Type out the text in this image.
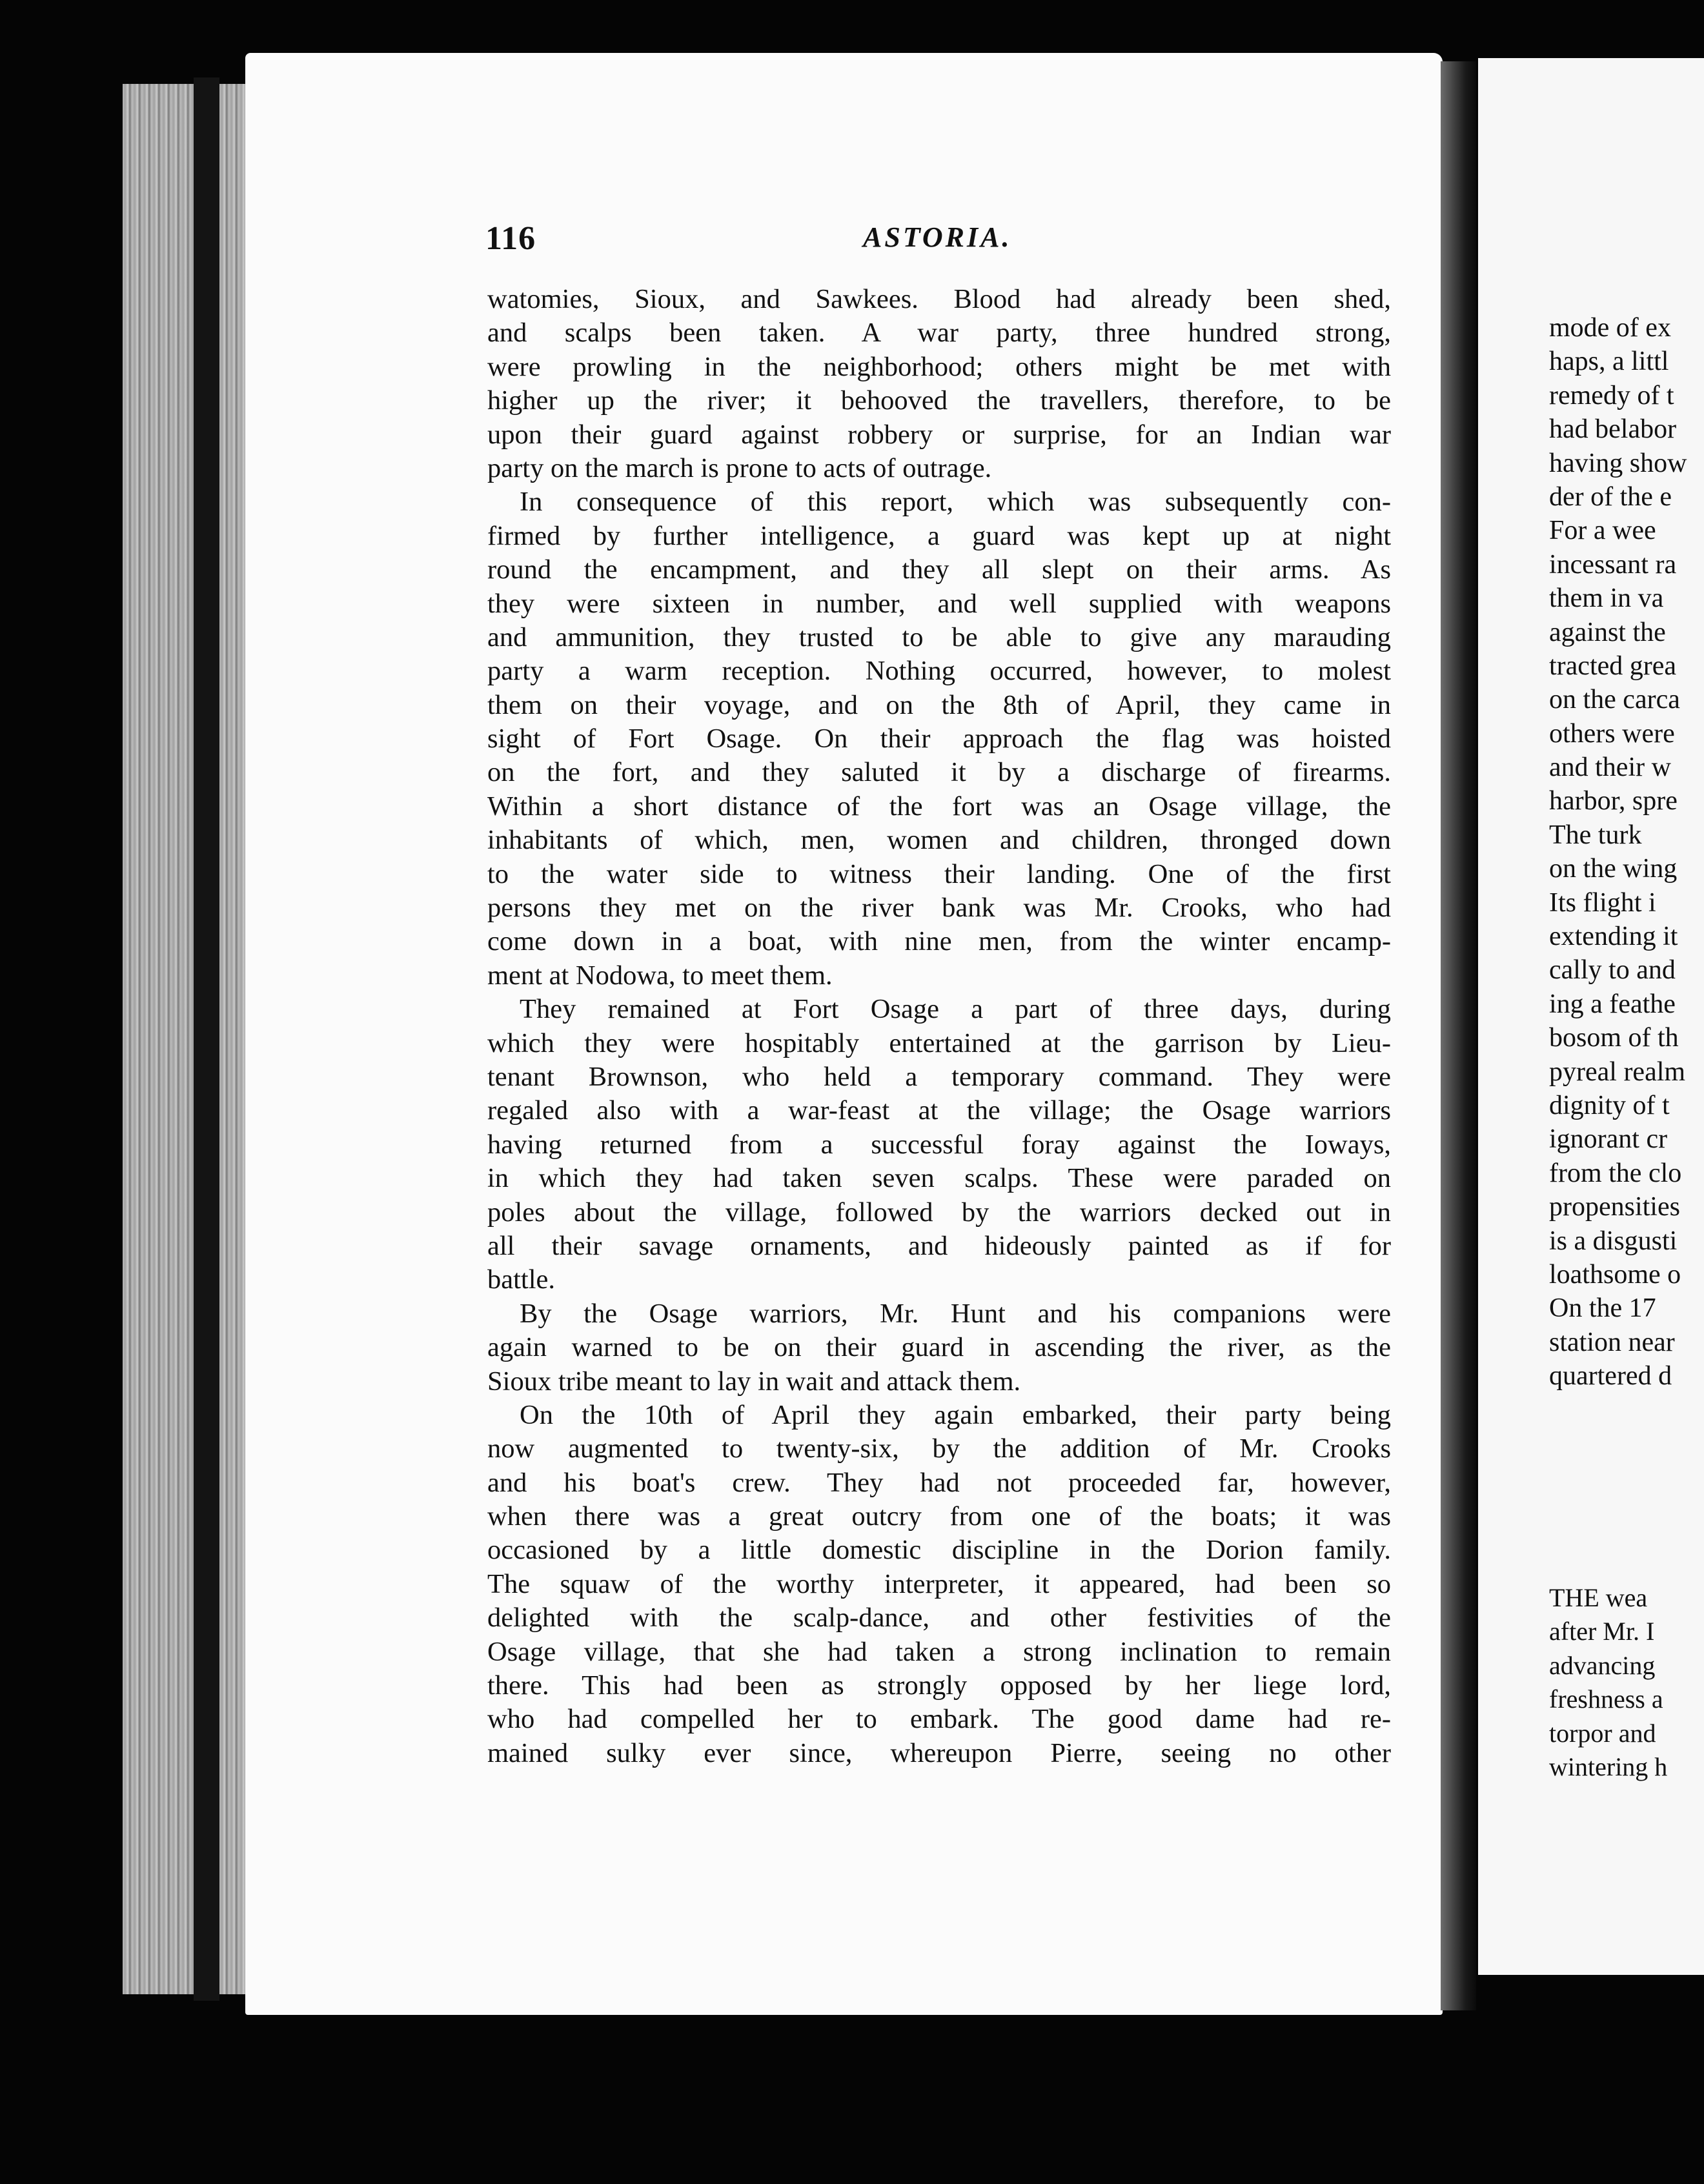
mode of ex
haps, a littl
remedy of t
had belabor
having show
der of the e
For a wee
incessant ra
them in va
against the
tracted grea
on the carca
others were
and their w
harbor, spre
The turk
on the wing
Its flight i
extending it
cally to and
ing a feathe
bosom of th
pyreal realm
dignity of t
ignorant cr
from the clo
propensities
is a disgusti
loathsome o
On the 17
station near
quartered d
THE wea
after Mr. I
advancing
freshness a
torpor and
wintering h
116	ASTORIA.
watomies, Sioux, and Sawkees. Blood had already been shed,
and scalps been taken. A war party, three hundred strong,
were prowling in the neighborhood; others might be met with
higher up the river; it behooved the travellers, therefore, to be
upon their guard against robbery or surprise, for an Indian war
party on the march is prone to acts of outrage.
In consequence of this report, which was subsequently con-
firmed by further intelligence, a guard was kept up at night
round the encampment, and they all slept on their arms. As
they were sixteen in number, and well supplied with weapons
and ammunition, they trusted to be able to give any marauding
party a warm reception. Nothing occurred, however, to molest
them on their voyage, and on the 8th of April, they came in
sight of Fort Osage. On their approach the flag was hoisted
on the fort, and they saluted it by a discharge of firearms.
Within a short distance of the fort was an Osage village, the
inhabitants of which, men, women and children, thronged down
to the water side to witness their landing. One of the first
persons they met on the river bank was Mr. Crooks, who had
come down in a boat, with nine men, from the winter encamp-
ment at Nodowa, to meet them.
They remained at Fort Osage a part of three days, during
which they were hospitably entertained at the garrison by Lieu-
tenant Brownson, who held a temporary command. They were
regaled also with a war-feast at the village; the Osage warriors
having returned from a successful foray against the Ioways,
in which they had taken seven scalps. These were paraded on
poles about the village, followed by the warriors decked out in
all their savage ornaments, and hideously painted as if for
battle.
By the Osage warriors, Mr. Hunt and his companions were
again warned to be on their guard in ascending the river, as the
Sioux tribe meant to lay in wait and attack them.
On the 10th of April they again embarked, their party being
now augmented to twenty-six, by the addition of Mr. Crooks
and his boat's crew. They had not proceeded far, however,
when there was a great outcry from one of the boats; it was
occasioned by a little domestic discipline in the Dorion family.
The squaw of the worthy interpreter, it appeared, had been so
delighted with the scalp-dance, and other festivities of the
Osage village, that she had taken a strong inclination to remain
there. This had been as strongly opposed by her liege lord,
who had compelled her to embark. The good dame had re-
mained sulky ever since, whereupon Pierre, seeing no other
